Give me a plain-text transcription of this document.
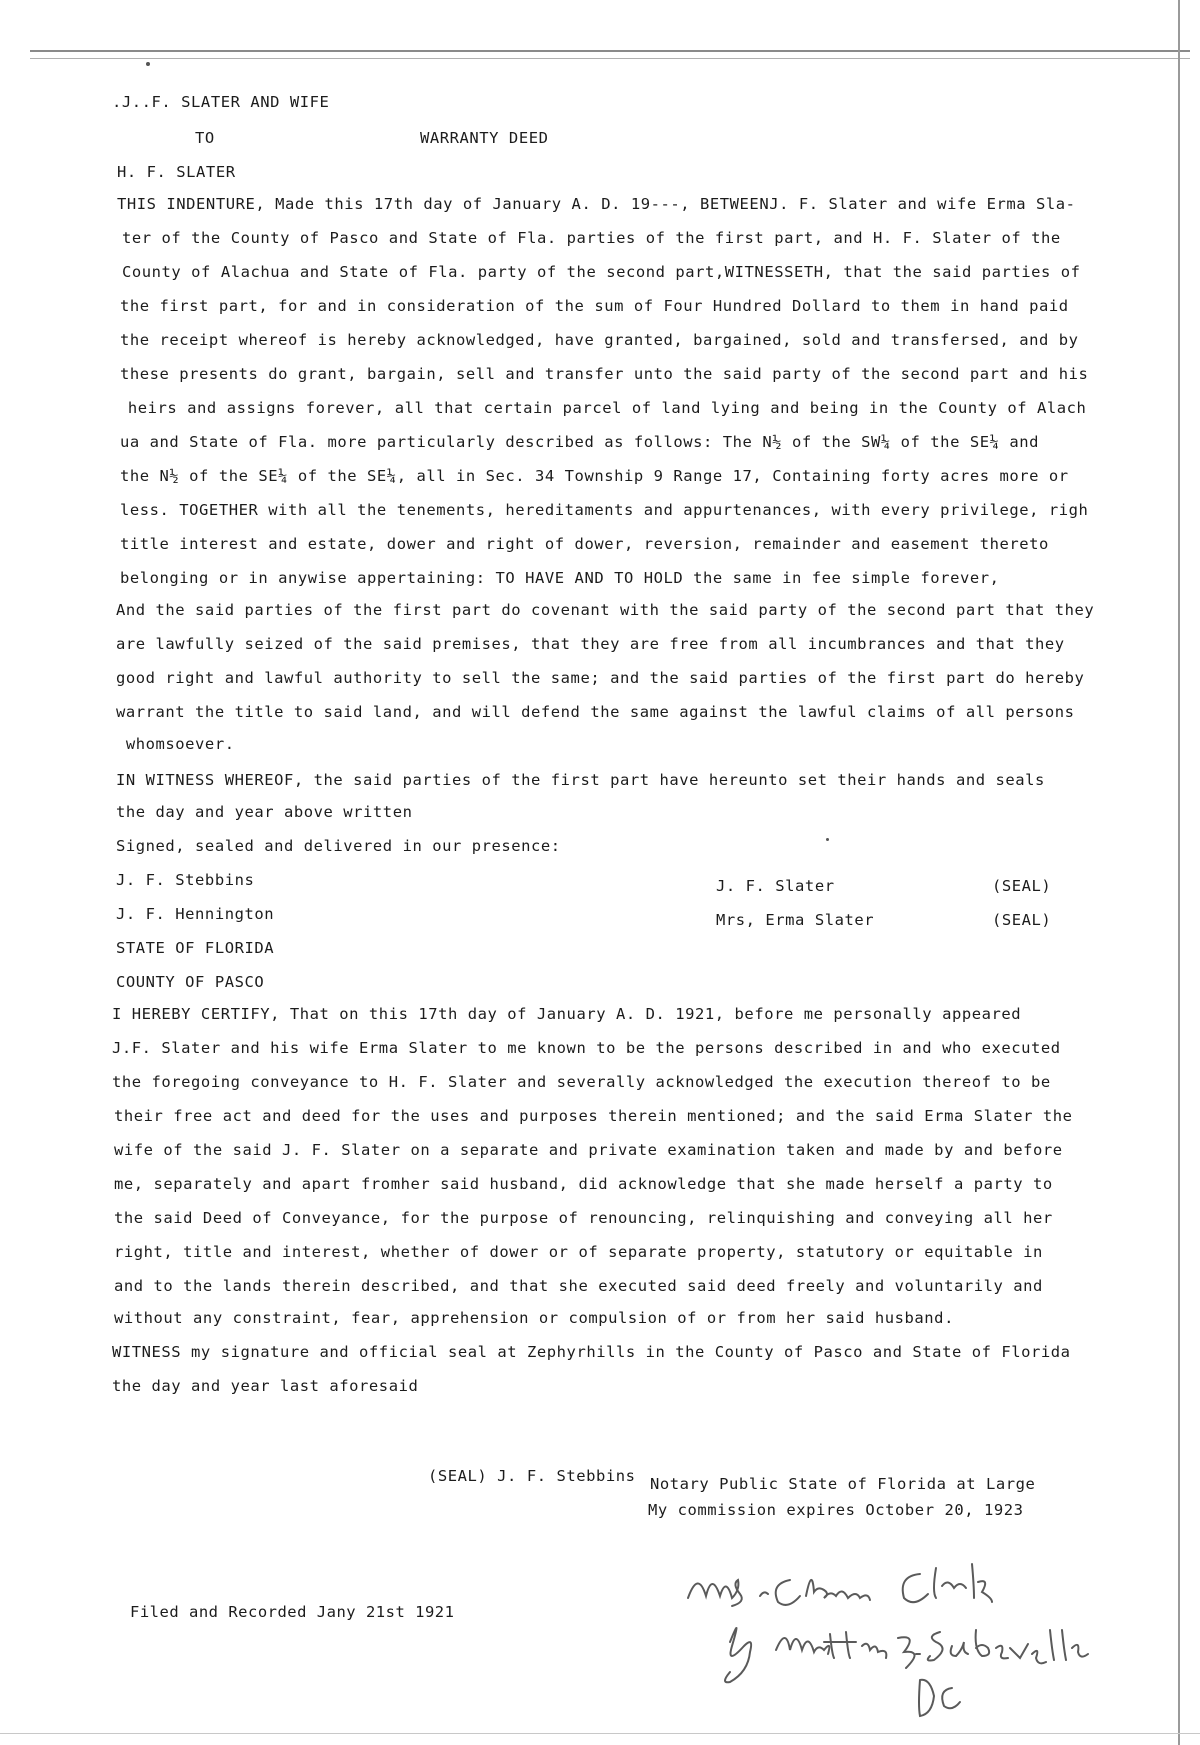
.J..F. SLATER AND WIFE
TO	WARRANTY DEED
H. F. SLATER
THIS INDENTURE, Made this 17th day of January A. D. 19---, BETWEENJ. F. Slater and wife Erma Sla-
ter of the County of Pasco and State of Fla. parties of the first part, and H. F. Slater of the
County of Alachua and State of Fla. party of the second part,WITNESSETH, that the said parties of
the first part, for and in consideration of the sum of Four Hundred Dollard to them in hand paid
the receipt whereof is hereby acknowledged, have granted, bargained, sold and transfersed, and by
these presents do grant, bargain, sell and transfer unto the said party of the second part and his
heirs and assigns forever, all that certain parcel of land lying and being in the County of Alach
ua and State of Fla. more particularly described as follows: The N½ of the SW¼ of the SE¼ and
the N½ of the SE¼ of the SE¼, all in Sec. 34 Township 9 Range 17, Containing forty acres more or
less. TOGETHER with all the tenements, hereditaments and appurtenances, with every privilege, righ
title interest and estate, dower and right of dower, reversion, remainder and easement thereto
belonging or in anywise appertaining: TO HAVE AND TO HOLD the same in fee simple forever,
And the said parties of the first part do covenant with the said party of the second part that they
are lawfully seized of the said premises, that they are free from all incumbrances and that they
good right and lawful authority to sell the same; and the said parties of the first part do hereby
warrant the title to said land, and will defend the same against the lawful claims of all persons
whomsoever.
IN WITNESS WHEREOF, the said parties of the first part have hereunto set their hands and seals
the day and year above written
Signed, sealed and delivered in our presence:
J. F. Stebbins
J. F. Hennington
J. F. Slater	(SEAL)
Mrs, Erma Slater	(SEAL)
STATE OF FLORIDA
COUNTY OF PASCO
I HEREBY CERTIFY, That on this 17th day of January A. D. 1921, before me personally appeared
J.F. Slater and his wife Erma Slater to me known to be the persons described in and who executed
the foregoing conveyance to H. F. Slater and severally acknowledged the execution thereof to be
their free act and deed for the uses and purposes therein mentioned; and the said Erma Slater the
wife of the said J. F. Slater on a separate and private examination taken and made by and before
me, separately and apart fromher said husband, did acknowledge that she made herself a party to
the said Deed of Conveyance, for the purpose of renouncing, relinquishing and conveying all her
right, title and interest, whether of dower or of separate property, statutory or equitable in
and to the lands therein described, and that she executed said deed freely and voluntarily and
without any constraint, fear, apprehension or compulsion of or from her said husband.
WITNESS my signature and official seal at Zephyrhills in the County of Pasco and State of Florida
the day and year last aforesaid
(SEAL) J. F. Stebbins Notary Public State of Florida at Large
My commission expires October 20, 1923
Filed and Recorded Jany 21st 1921
